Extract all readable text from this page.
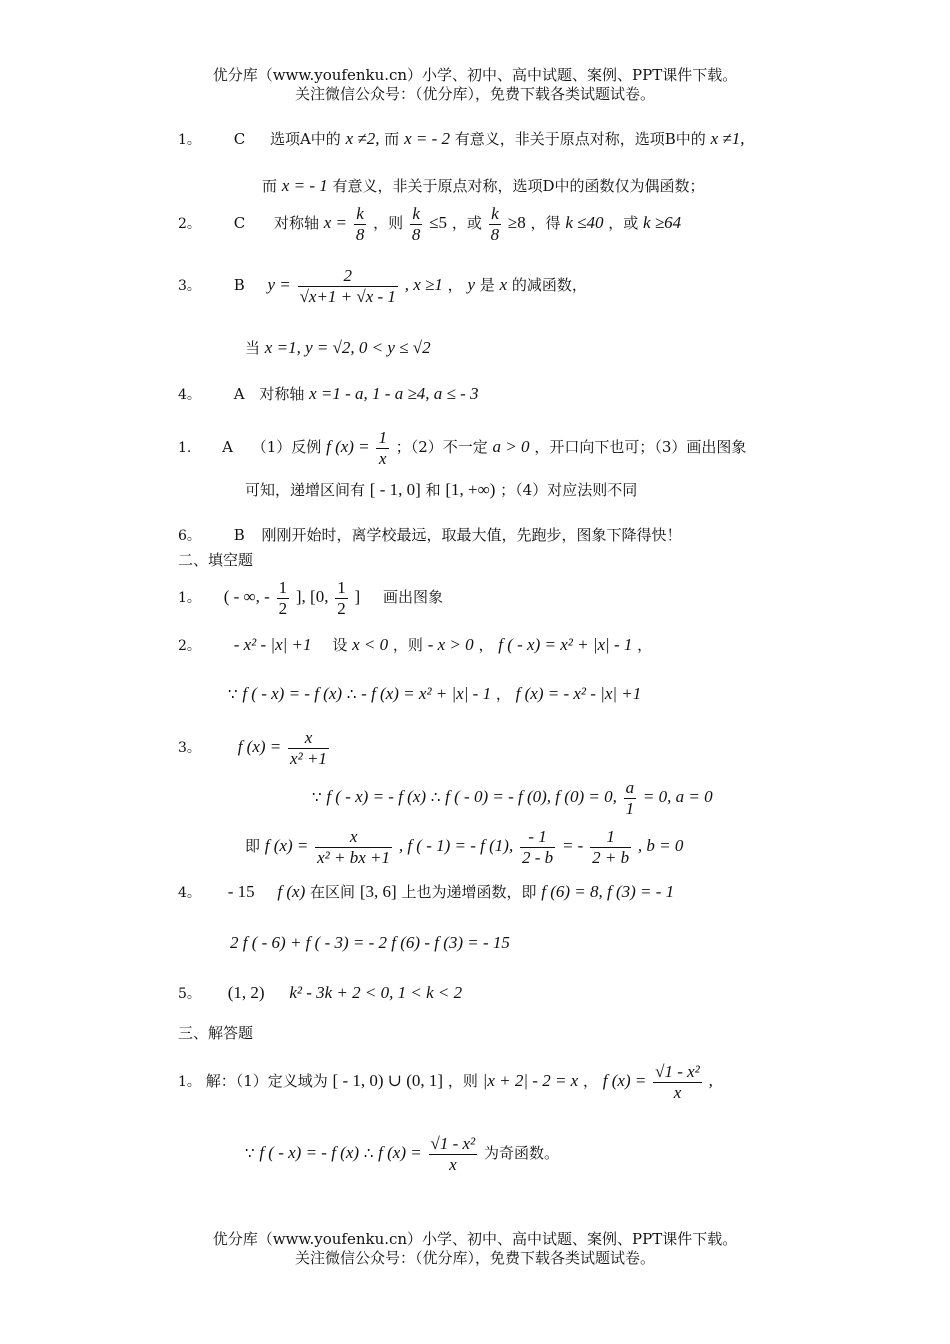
优分库（www.youfenku.cn）小学、初中、高中试题、案例、PPT课件下载。
关注微信公众号：（优分库），免费下载各类试题试卷。
1。 C 选项A中的 x ≠2, 而 x = - 2 有意义，非关于原点对称，选项B中的 x ≠1,
而 x = - 1 有意义，非关于原点对称，选项D中的函数仅为偶函数；
2。 C 对称轴 $x = \frac{k}{8}$ ，则 $\frac{k}{8} \le 5$ ，或 $\frac{k}{8} \ge 8$ ，得 k ≤40 ，或 k ≥64
3。 B $y = \frac{2}{√x+1 + √x - 1}$ , x ≥1 ， y 是 x 的减函数，
当 x =1, y = √2, 0 < y ≤ √2
4。 A 对称轴 x =1 - a, 1 - a ≥4, a ≤ - 3
1. A （1）反例 f $(x) = \frac{1}{x}$ ；（2）不一定 a > 0 ，开口向下也可；（3）画出图象
可知，递增区间有 [ - 1, 0] 和 [1, +∞) ；（4）对应法则不同
6。 B 刚刚开始时，离学校最远，取最大值，先跑步，图象下降得快！
二、填空题
1。 ( - ∞, - $\frac{1}{2}$ ], [0, $\frac{1}{2}$ ] 画出图象
2。 - x² - |x| +1 设 x < 0 ，则 - x > 0 ， f ( - x) = x² + |x| - 1 ，
∵ f ( - x) = - f (x) ∴ - f (x) = x² + |x| - 1 ， f (x) = - x² - |x| +1
3。 f $(x) = \frac{x}{\text{x² +1}}$
∵ f ( - x) = - f (x) ∴ f ( - 0) = - f (0), f (0) = 0, $\frac{a}{1} = 0$, a = 0
即 f $(x) = \frac{x}{\text{x² + bx +1}}$ , f ( - 1) = - f (1), $\frac{- 1}{2 - b}$ = - $\frac{1}{2 + b}$ , b = 0
4。 - 15 f (x) 在区间 [3, 6] 上也为递增函数，即 f (6) = 8, f (3) = - 1
2 f ( - 6) + f ( - 3) = - 2 f (6) - f (3) = - 15
5。 (1, 2) k² - 3k + 2 < 0, 1 < k < 2
三、解答题
1。 解：（1）定义域为 [ - 1, 0) ∪ (0, 1] ，则 |x + 2| - 2 = x ， f $(x) = \frac{\text{√1 - x²}}{x}$ ,
∵ f ( - x) = - f (x) ∴ f $(x) = \frac{\text{√1 - x²}}{x}$ 为奇函数。
优分库（www.youfenku.cn）小学、初中、高中试题、案例、PPT课件下载。
关注微信公众号：（优分库），免费下载各类试题试卷。
